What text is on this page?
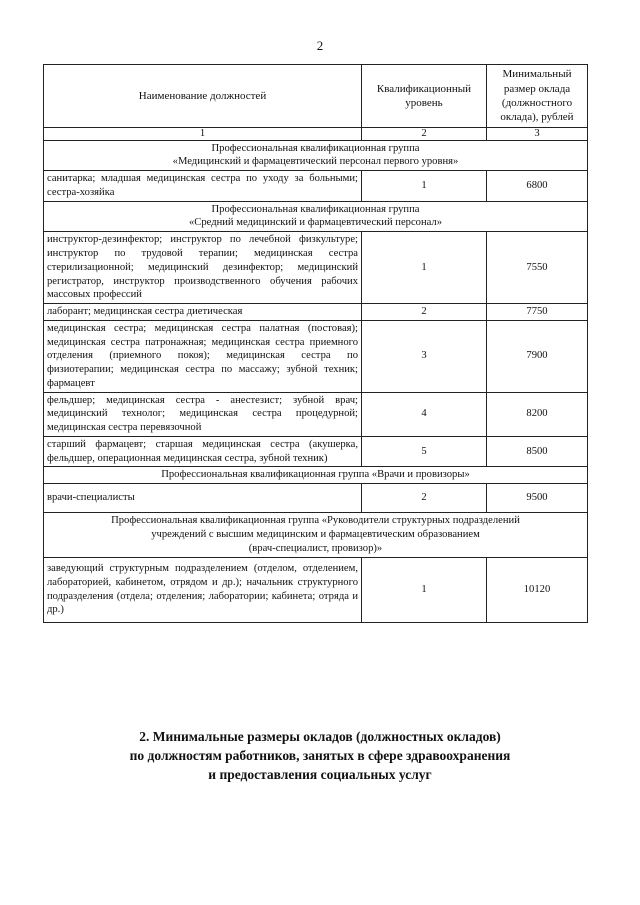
2
Наименование должностей	Квалификационный уровень	Минимальный размер оклада (должностного оклада), рублей
1	2	3

Профессиональная квалификационная группа
«Медицинский и фармацевтический персонал первого уровня»		

санитарка; младшая медицинская сестра по уходу за больными; сестра-хозяйка	1	6800

Профессиональная квалификационная группа
«Средний медицинский и фармацевтический персонал»		

инструктор-дезинфектор; инструктор по лечебной физкультуре; инструктор по трудовой терапии; медицинская сестра стерилизационной; медицинский дезинфектор; медицинский регистратор, инструктор производственного обучения рабочих массовых профессий	1	7550
лаборант; медицинская сестра диетическая	2	7750
медицинская сестра; медицинская сестра палатная (постовая); медицинская сестра патронажная; медицинская сестра приемного отделения (приемного покоя); медицинская сестра по физиотерапии; медицинская сестра по массажу; зубной техник; фармацевт	3	7900
фельдшер; медицинская сестра - анестезист; зубной врач; медицинский технолог; медицинская сестра процедурной; медицинская сестра перевязочной	4	8200
старший фармацевт; старшая медицинская сестра (акушерка, фельдшер, операционная медицинская сестра, зубной техник)	5	8500

Профессиональная квалификационная группа «Врачи и провизоры»		

врачи-специалисты	2	9500

Профессиональная квалификационная группа «Руководители структурных подразделений
учреждений с высшим медицинским и фармацевтическим образованием
(врач-специалист, провизор)»		

заведующий структурным подразделением (отделом, отделением, лабораторией, кабинетом, отрядом и др.); начальник структурного подразделения (отдела; отделения; лаборатории; кабинета; отряда и др.)	1	10120
2. Минимальные размеры окладов (должностных окладов)
по должностям работников, занятых в сфере здравоохранения
и предоставления социальных услуг
